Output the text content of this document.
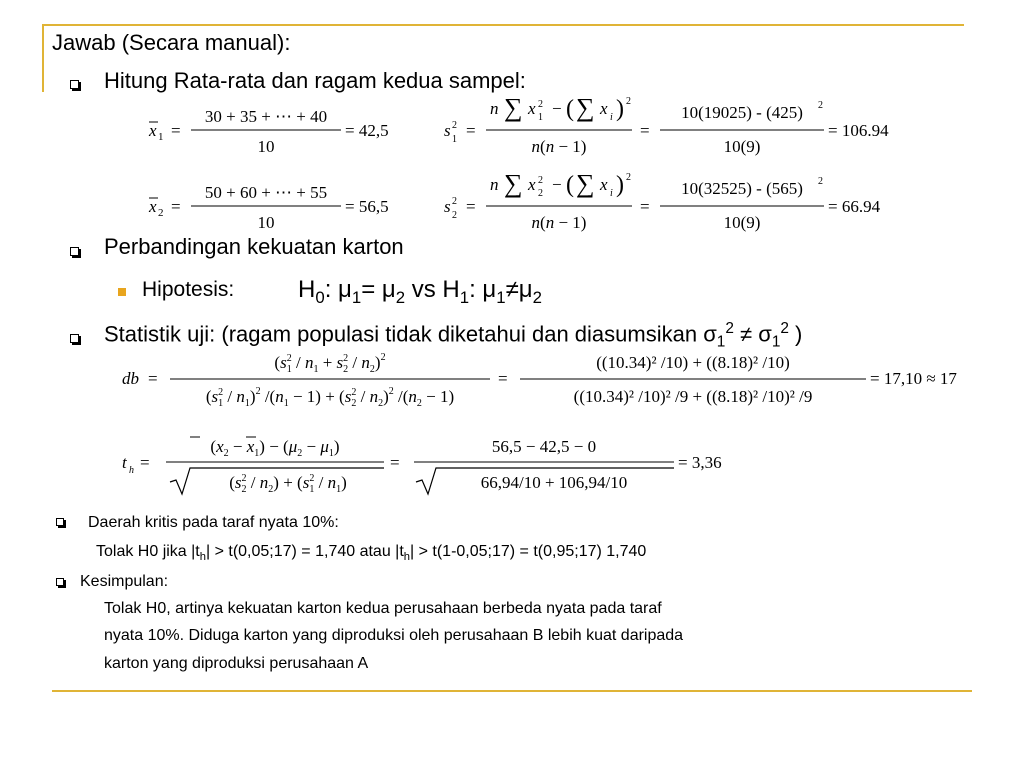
Jawab (Secara manual):
Hitung Rata-rata dan ragam kedua sampel:
x 1 =
30 + 35 + ⋯ + 40
10
= 42,5	s 2
1 =
n ∑ x 2
1 − ( ∑ x i ) 2
n(n − 1)
=
10(19025) - (425) 2
10(9)
= 106.94
x 2 =
50 + 60 + ⋯ + 55
10
= 56,5	s 2
2 =
n ∑ x 2
2 − ( ∑ x i ) 2
n(n − 1)
=
10(32525) - (565) 2
10(9)
= 66.94
Perbandingan kekuatan karton
Hipotesis:	$H_0$: $\mu_1= \mu_2$ vs $H_1$: $\mu_1\ne\mu_2$
Statistik uji: (ragam populasi tidak diketahui dan diasumsikan $\sigma_1^2 \ne \sigma_1^2$ )
db =
($s^2$ $1 / n_1 + s^2$ $2 / n_2)^2$
($s^2$ $1 / n_1)^2$ $/(n_1 - 1) + (s^2$ $2 / n_2)^2$ $/(n_2 - 1)$
=
((10.34)² /10) + ((8.18)² /10)
((10.34)² /10)² /9 + ((8.18)² /10)² /9
= 17,10 ≈ 17
t h =
$(x_2 - x_1) - (\mu_2 - \mu_1)$
($s^2$ $2 / n_2) + (s^2$ $1 / n_1$)
=
56,5 − 42,5 − 0
66,94/10 + 106,94/10
= 3,36
Daerah kritis pada taraf nyata 10%:
Tolak H0 jika $|t_h|$ > t(0,05;17) = 1,740 atau $|t_h|$ > t(1-0,05;17) = t(0,95;17) 1,740
Kesimpulan:
Tolak H0, artinya kekuatan karton kedua perusahaan berbeda nyata pada taraf
nyata 10%. Diduga karton yang diproduksi oleh perusahaan B lebih kuat daripada
karton yang diproduksi perusahaan A
